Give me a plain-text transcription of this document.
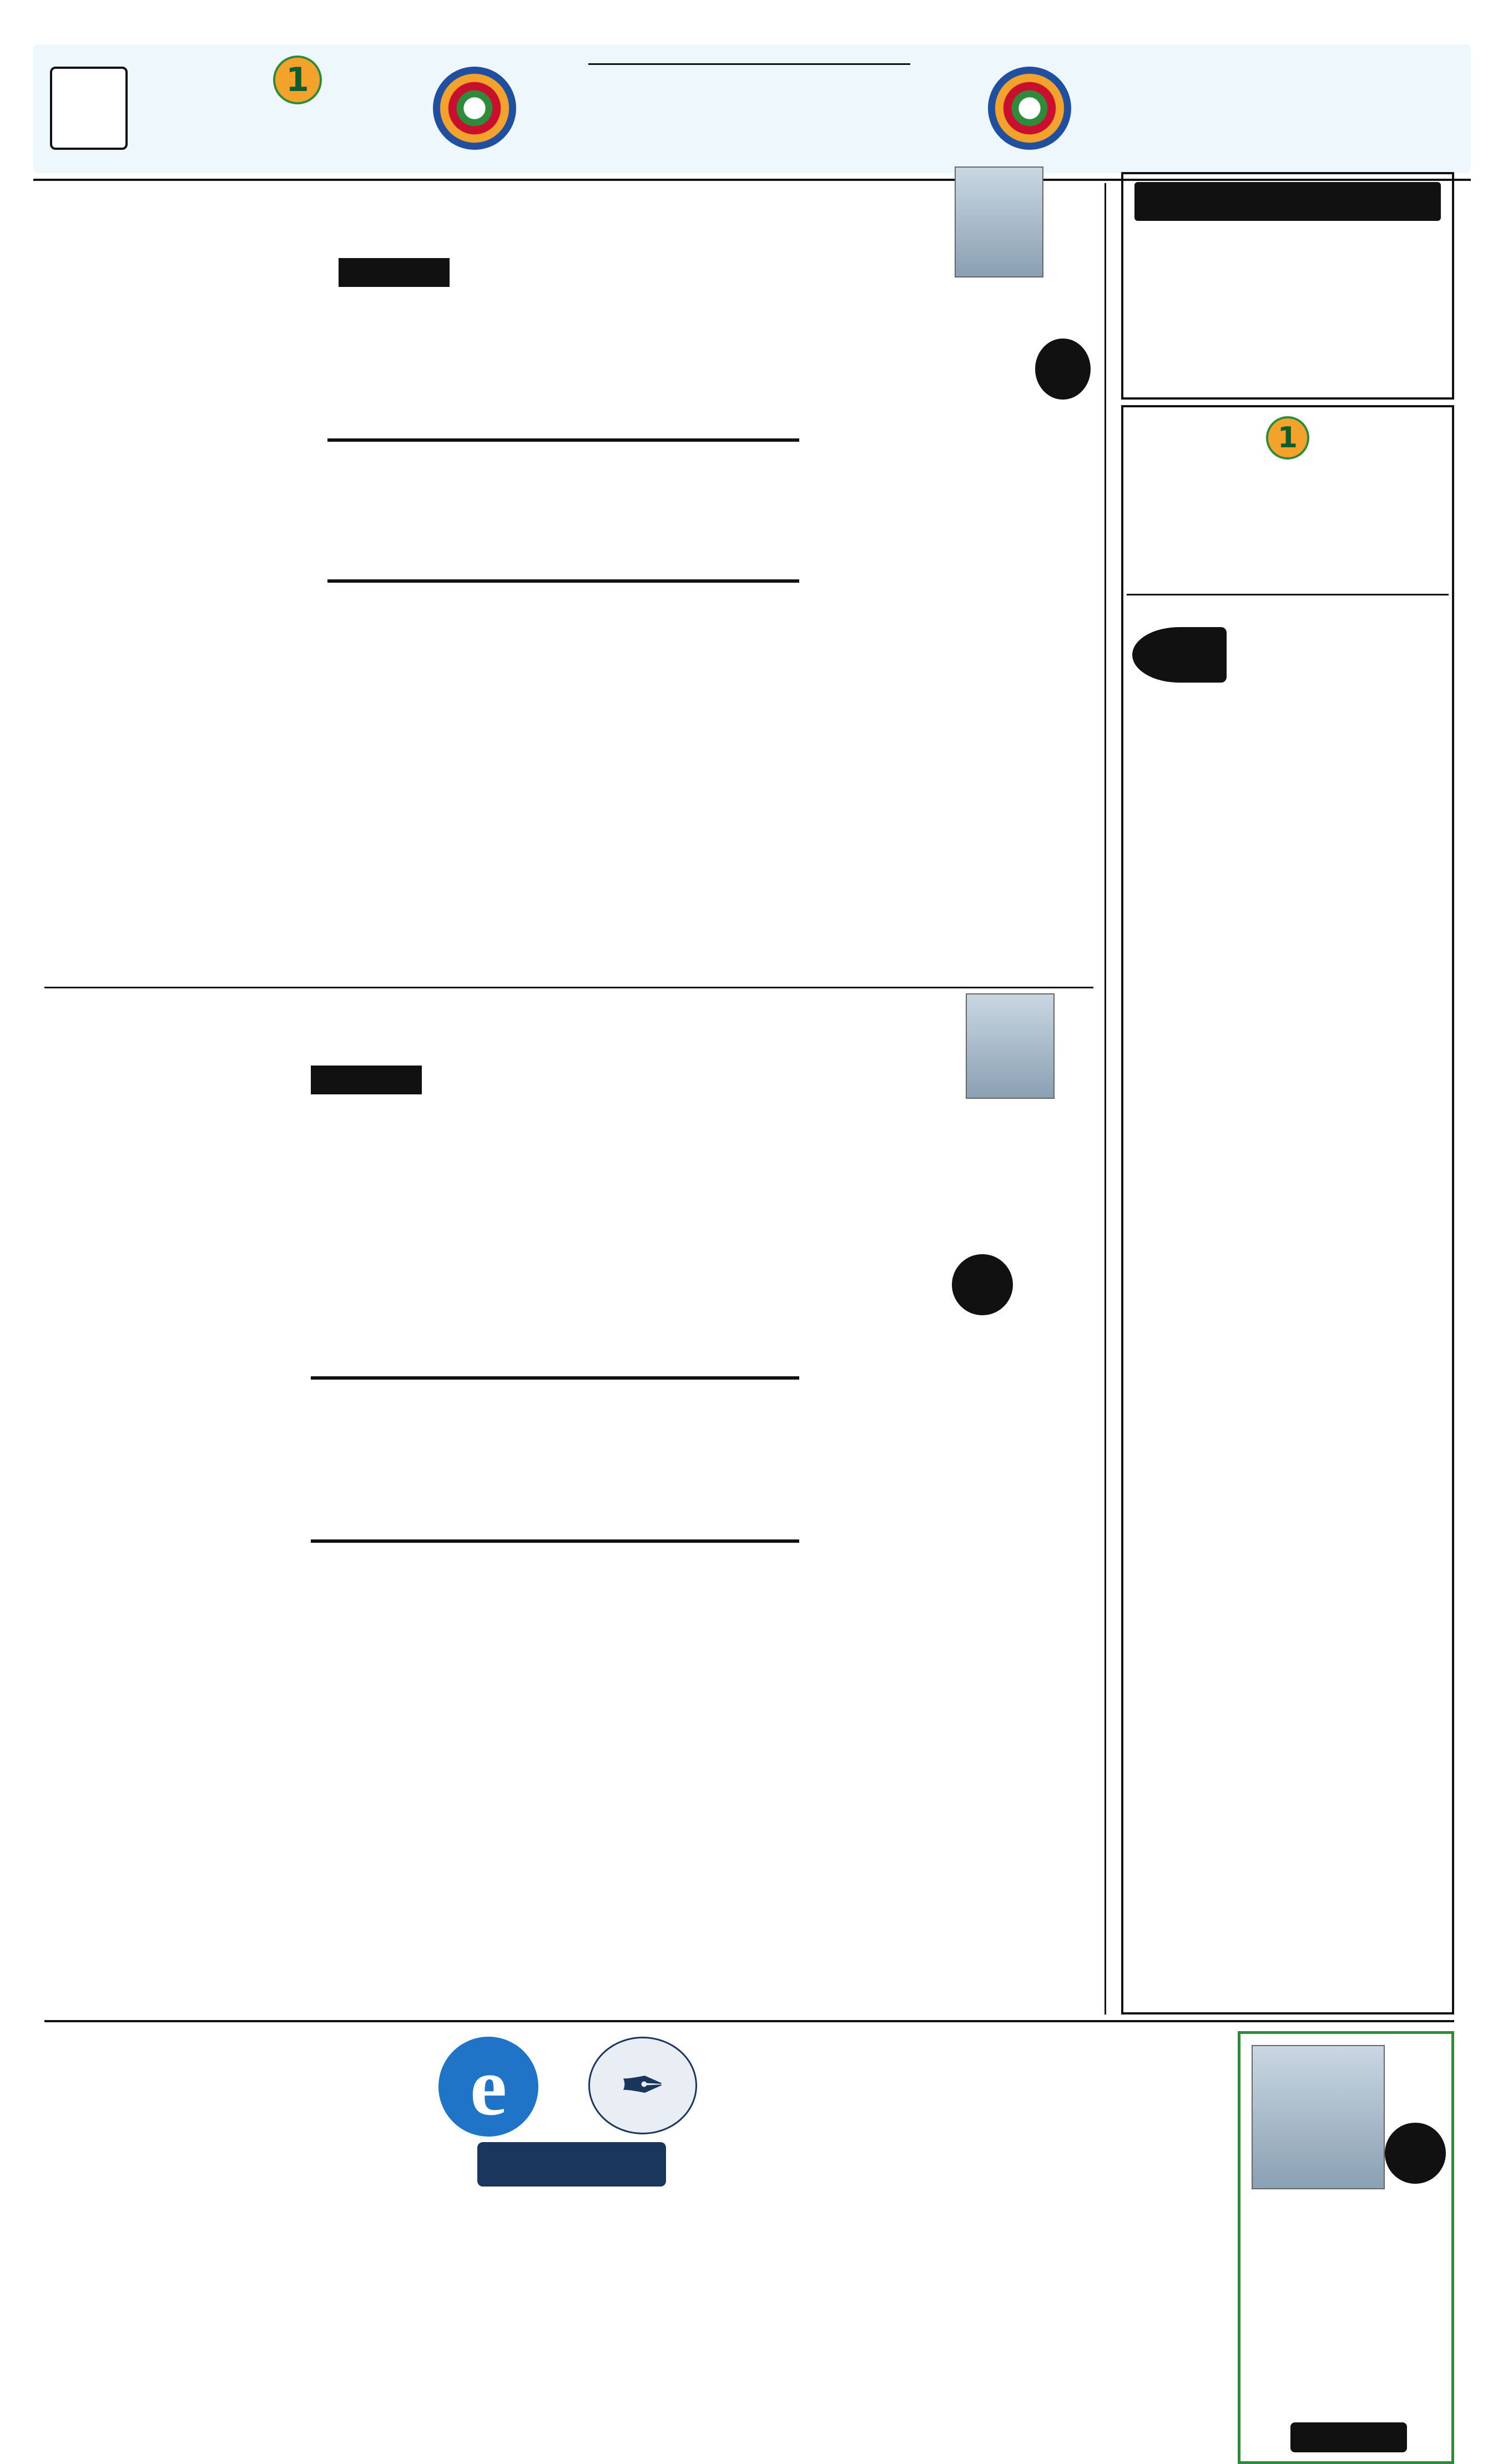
1
1
e	✒
